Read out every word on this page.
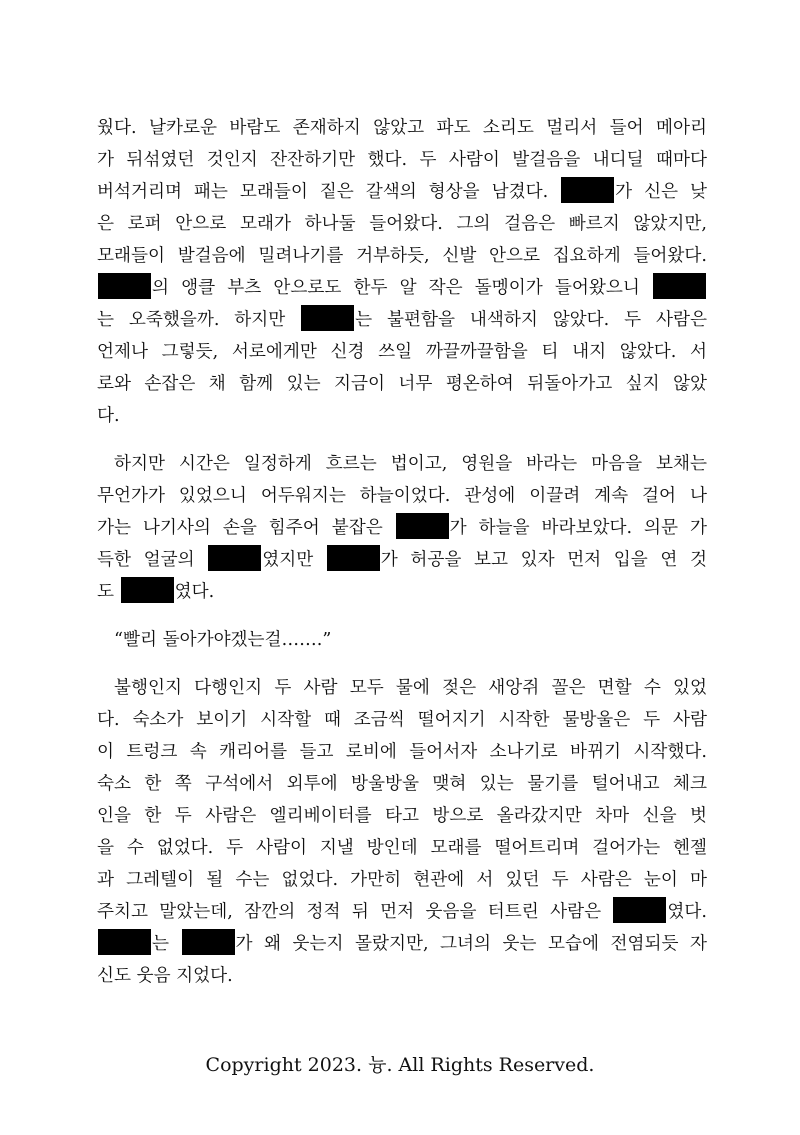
웠다. 날카로운 바람도 존재하지 않았고 파도 소리도 멀리서 들어 메아리
가 뒤섞였던 것인지 잔잔하기만 했다. 두 사람이 발걸음을 내디딜 때마다
버석거리며 패는 모래들이 짙은 갈색의 형상을 남겼다.	가 신은 낮
은 로퍼 안으로 모래가 하나둘 들어왔다. 그의 걸음은 빠르지 않았지만,
모래들이 발걸음에 밀려나기를 거부하듯, 신발 안으로 집요하게 들어왔다.
의 앵클 부츠 안으로도 한두 알 작은 돌멩이가 들어왔으니
는 오죽했을까. 하지만	는 불편함을 내색하지 않았다. 두 사람은
언제나 그렇듯, 서로에게만 신경 쓰일 까끌까끌함을 티 내지 않았다. 서
로와 손잡은 채 함께 있는 지금이 너무 평온하여 뒤돌아가고 싶지 않았
다.
하지만 시간은 일정하게 흐르는 법이고, 영원을 바라는 마음을 보채는
무언가가 있었으니 어두워지는 하늘이었다. 관성에 이끌려 계속 걸어 나
가는 나기사의 손을 힘주어 붙잡은	가 하늘을 바라보았다. 의문 가
득한 얼굴의	였지만	가 허공을 보고 있자 먼저 입을 연 것
도	였다.
“빨리 돌아가야겠는걸…….”
불행인지 다행인지 두 사람 모두 물에 젖은 새앙쥐 꼴은 면할 수 있었
다. 숙소가 보이기 시작할 때 조금씩 떨어지기 시작한 물방울은 두 사람
이 트렁크 속 캐리어를 들고 로비에 들어서자 소나기로 바뀌기 시작했다.
숙소 한 쪽 구석에서 외투에 방울방울 맺혀 있는 물기를 털어내고 체크
인을 한 두 사람은 엘리베이터를 타고 방으로 올라갔지만 차마 신을 벗
을 수 없었다. 두 사람이 지낼 방인데 모래를 떨어트리며 걸어가는 헨젤
과 그레텔이 될 수는 없었다. 가만히 현관에 서 있던 두 사람은 눈이 마
주치고 말았는데, 잠깐의 정적 뒤 먼저 웃음을 터트린 사람은	였다.
는	가 왜 웃는지 몰랐지만, 그녀의 웃는 모습에 전염되듯 자
신도 웃음 지었다.
Copyright 2023. 늉. All Rights Reserved.
